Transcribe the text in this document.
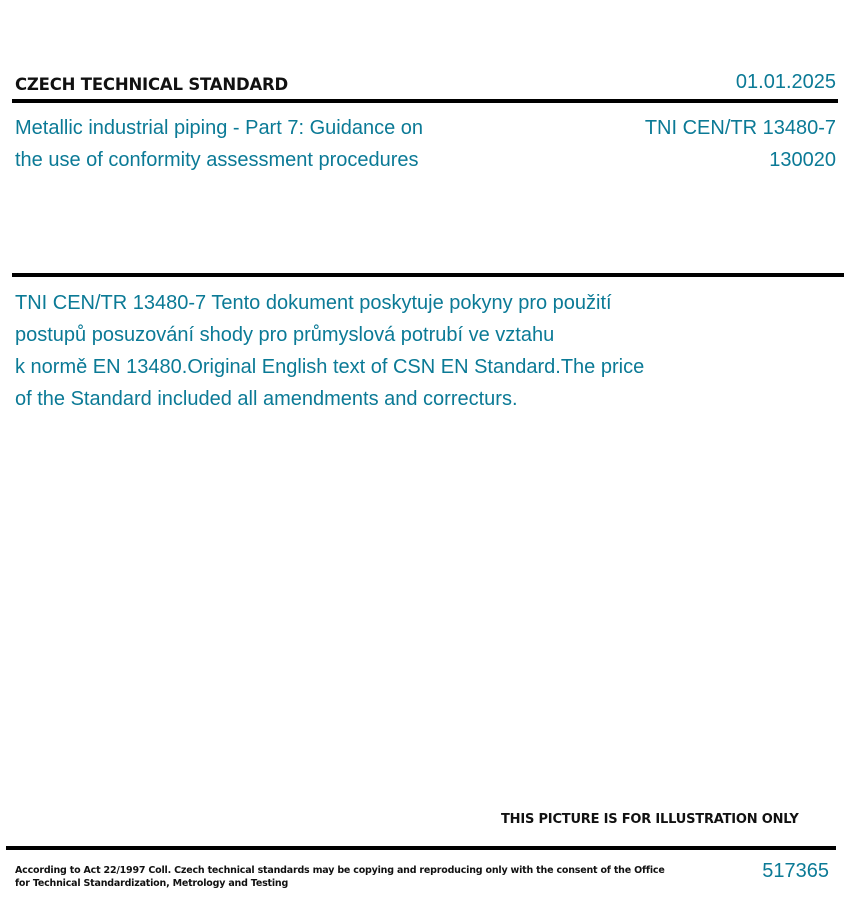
CZECH TECHNICAL STANDARD	01.01.2025
Metallic industrial piping - Part 7: Guidance on
the use of conformity assessment procedures
TNI CEN/TR 13480-7
130020
TNI CEN/TR 13480-7 Tento dokument poskytuje pokyny pro použití
postupů posuzování shody pro průmyslová potrubí ve vztahu
k normě EN 13480.Original English text of CSN EN Standard.The price
of the Standard included all amendments and correcturs.
THIS PICTURE IS FOR ILLUSTRATION ONLY
According to Act 22/1997 Coll. Czech technical standards may be copying and reproducing only with the consent of the Office
for Technical Standardization, Metrology and Testing
517365
